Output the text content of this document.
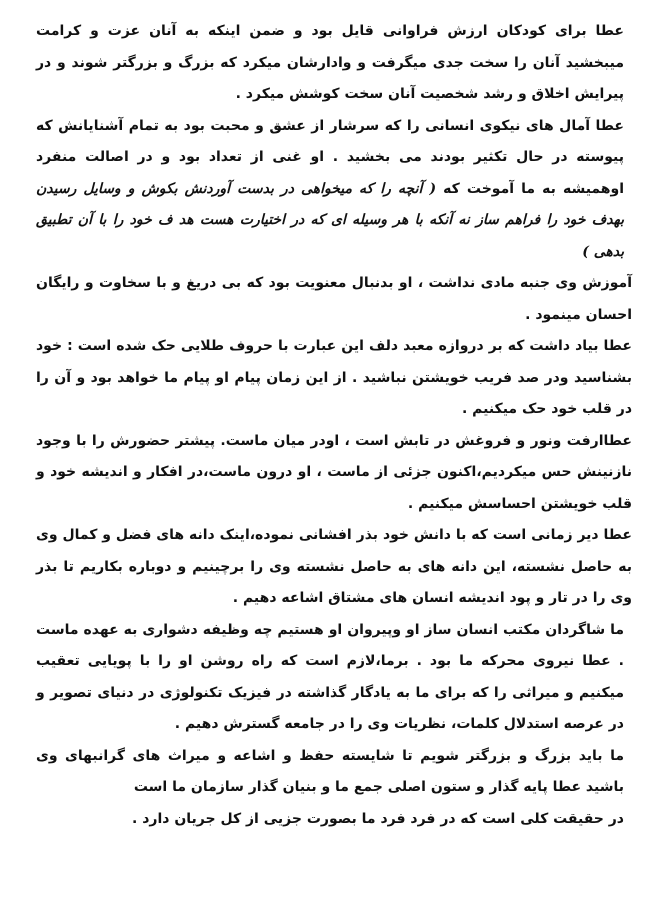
عطا برای کودکان ارزش فراوانی قایل بود و ضمن اینکه به آنان عزت و کرامت میبخشید آنان را سخت جدی میگرفت و وادارشان میکرد که بزرگ و بزرگتر شوند و در پیرایش اخلاق و رشد شخصیت آنان سخت کوشش میکرد .

عطا آمال های نیکوی انسانی را که سرشار از عشق و محبت بود به تمام آشنایانش که پیوسته در حال تکثیر بودند می بخشید . او غنی از تعداد بود و در اصالت منفرد اوهمیشه به ما آموخت که ( آنچه را که میخواهی در بدست آوردنش بکوش و وسایل رسیدن بهدف خود را فراهم ساز نه آنکه با هر وسیله ای که در اختیارت هست هد ف خود را با آن تطبیق بدهی )

آموزش وی جنبه مادی نداشت ، او بدنبال معنویت بود که بی دریغ و با سخاوت و رایگان احسان مینمود .

عطا بیاد داشت که بر دروازه معبد دلف این عبارت با حروف طلایی حک شده است : خود بشناسید ودر صد فریب خویشتن نباشید . از این زمان پیام او پیام ما خواهد بود و آن را در قلب خود حک میکنیم .

عطاارفت ونور و فروغش در تابش است ، اودر میان ماست. پیشتر حضورش را با وجود نازنینش حس میکردیم،اکنون جزئی از ماست ، او درون ماست،در افکار و اندیشه خود و قلب خویشتن احساسش میکنیم .

عطا دیر زمانی است که با دانش خود بذر افشانی نموده،اینک دانه های فضل و کمال وی به حاصل نشسته، این دانه های به حاصل نشسته وی را برچینیم و دوباره بکاریم تا بذر وی را در تار و پود اندیشه انسان های مشتاق اشاعه دهیم .

ما شاگردان مکتب انسان ساز او وپیروان او هستیم چه وظیفه دشواری به عهده ماست . عطا نیروی محرکه ما بود . برما،لازم است که راه روشن او را با پویایی تعقیب میکنیم و میراثی را که برای ما به یادگار گذاشته در فیزیک تکنولوژی در دنیای تصویر و در عرصه استدلال کلمات، نظریات وی را در جامعه گسترش دهیم .

ما باید بزرگ و بزرگتر شویم تا شایسته حفظ و اشاعه و میراث های گرانبهای وی باشید عطا پایه گذار و ستون اصلی جمع ما و بنیان گذار سازمان ما است

در حقیقت کلی است که در فرد فرد ما بصورت جزیی از کل جریان دارد .
